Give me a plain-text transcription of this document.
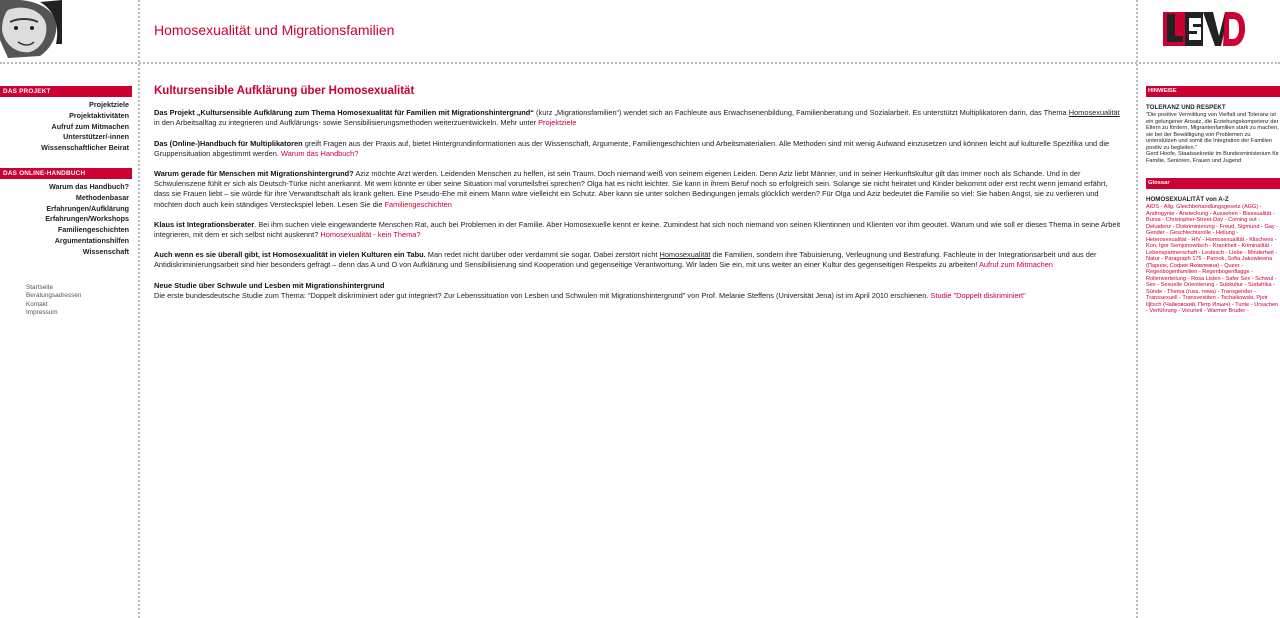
Homosexualität und Migrationsfamilien
DAS PROJEKT
Projektziele
Projektaktivitäten
Aufruf zum Mitmachen
Unterstützer/-innen
Wissenschaftlicher Beirat
DAS ONLINE-HANDBUCH
Warum das Handbuch?
Methodenbasar
Erfahrungen/Aufklärung
Erfahrungen/Workshops
Familiengeschichten
Argumentationshilfen
Wissenschaft
Startseite
Beratungsadressen
Kontakt
Impressum
Kultursensible Aufklärung über Homosexualität

Das Projekt „Kultursensible Aufklärung zum Thema Homosexualität für Familien mit Migrationshintergrund“ (kurz „Migrationsfamilien“) wendet sich an Fachleute aus Erwachsenenbildung, Familienberatung und Sozialarbeit. Es unterstützt Multiplikatoren darin, das Thema Homosexualität in den Arbeitsalltag zu integrieren und Aufklärungs- sowie Sensibilisierungsmethoden weiterzuentwickeln. Mehr unter Projektziele

Das (Online-)Handbuch für Multiplikatoren greift Fragen aus der Praxis auf, bietet Hintergrundinformationen aus der Wissenschaft, Argumente, Familiengeschichten und Arbeitsmaterialien. Alle Methoden sind mit wenig Aufwand einzusetzen und können leicht auf kulturelle Spezifika und die Gruppensituation abgestimmt werden. Warum das Handbuch?

Warum gerade für Menschen mit Migrationshintergrund? Aziz möchte Arzt werden. Leidenden Menschen zu helfen, ist sein Traum. Doch niemand weiß von seinem eigenen Leiden. Denn Aziz liebt Männer, und in seiner Herkunftskultur gilt das immer noch als Schande. Und in der Schwulenszene fühlt er sich als Deutsch-Türke nicht anerkannt. Mit wem könnte er über seine Situation mal vorurteilsfrei sprechen? Olga hat es nicht leichter. Sie kann in ihrem Beruf noch so erfolgreich sein. Solange sie nicht heiratet und Kinder bekommt oder erst recht wenn jemand erfährt, dass sie Frauen liebt – sie würde für ihre Verwandtschaft als krank gelten. Eine Pseudo-Ehe mit einem Mann wäre vielleicht ein Schutz. Aber kann sie unter solchen Bedingungen jemals glücklich werden? Für Olga und Aziz bedeutet die Familie so viel: Sie haben Angst, sie zu verlieren und möchten doch auch kein ständiges Versteckspiel leben. Lesen Sie die Familiengeschichten

Klaus ist Integrationsberater. Bei ihm suchen viele eingewanderte Menschen Rat, auch bei Problemen in der Familie. Aber Homosexuelle kennt er keine. Zumindest hat sich noch niemand von seinen Klientinnen und Klienten vor ihm geoutet. Warum und wie soll er dieses Thema in seine Arbeit integrieren, mit dem er sich selbst nicht auskennt? Homosexualität - kein Thema?

Auch wenn es sie überall gibt, ist Homosexualität in vielen Kulturen ein Tabu. Man redet nicht darüber oder verdammt sie sogar. Dabei zerstört nicht Homosexualität die Familien, sondern ihre Tabuisierung, Verleugnung und Bestrafung. Fachleute in der Integrationsarbeit und aus der Antidiskriminierungsarbeit sind hier besonders gefragt – denn das A und O von Aufklärung und Sensibilisierung sind Kooperation und gegenseitige Verantwortung. Wir laden Sie ein, mit uns weiter an einer Kultur des gegenseitigen Respekts zu arbeiten! Aufruf zum Mitmachen

Neue Studie über Schwule und Lesben mit Migrationshintergrund
Die erste bundesdeutsche Studie zum Thema: "Doppelt diskriminiert oder gut integriert? Zur Lebenssituation von Lesben und Schwulen mit Migrationshintergrund" von Prof. Melanie Steffens (Universität Jena) ist im April 2010 erschienen. Studie "Doppelt diskriminiert"

HINWEISE
TOLERANZ UND RESPEKT
"Die positive Vermittlung von Vielfalt und Toleranz ist ein gelungener Ansatz, die Erziehungskompetenz der Eltern zu fördern, Migrantenfamilien stark zu machen, sie bei der Bewältigung von Problemen zu unterstützen und somit die Integration der Familien positiv zu begleiten."
Gerd Hoofe, Staatssekretär im Bundesministerium für Familie, Senioren, Frauen und Jugend
Glossar
HOMOSEXUALITÄT von A-Z
AIDS - Allg. Gleichbehandlungsgesetz (AGG) - Androgynie - Ansteckung - Aussehen - Bisexualität - Bursa - Christopher-Street-Day - Coming out - Dekadenz - Diskriminierung - Freud, Sigmund - Gay - Gender - Geschlechtsrolle - Heilung - Heterosexualität - HIV - Homosexualität - Klischees - Kon, Igor Semjonowitsch - Krankheit - Kriminalität - Lebenspartnerschaft - Lesbisch - Liebe - Minderheit - Natur - Paragraph 175 - Parnok, Sofia Jakowlewna (Парнок, София Яковлевна) - Queer - Regenbogenfamilien - Regenbogenflagge - Rollenverteilung - Rosa Listen - Safer Sex - Schwul - Sex - Sexuelle Orientierung - Subkultur - Südafrika - Sünde - Thema (russ. тема) - Transgender - Transsexuell - Transvestiten - Tschaikowski, Pjotr Iljitsch (Чайковский, Петр Ильич) - Tunte - Ursachen - Verführung - Vorurteil - Warmer Bruder -
